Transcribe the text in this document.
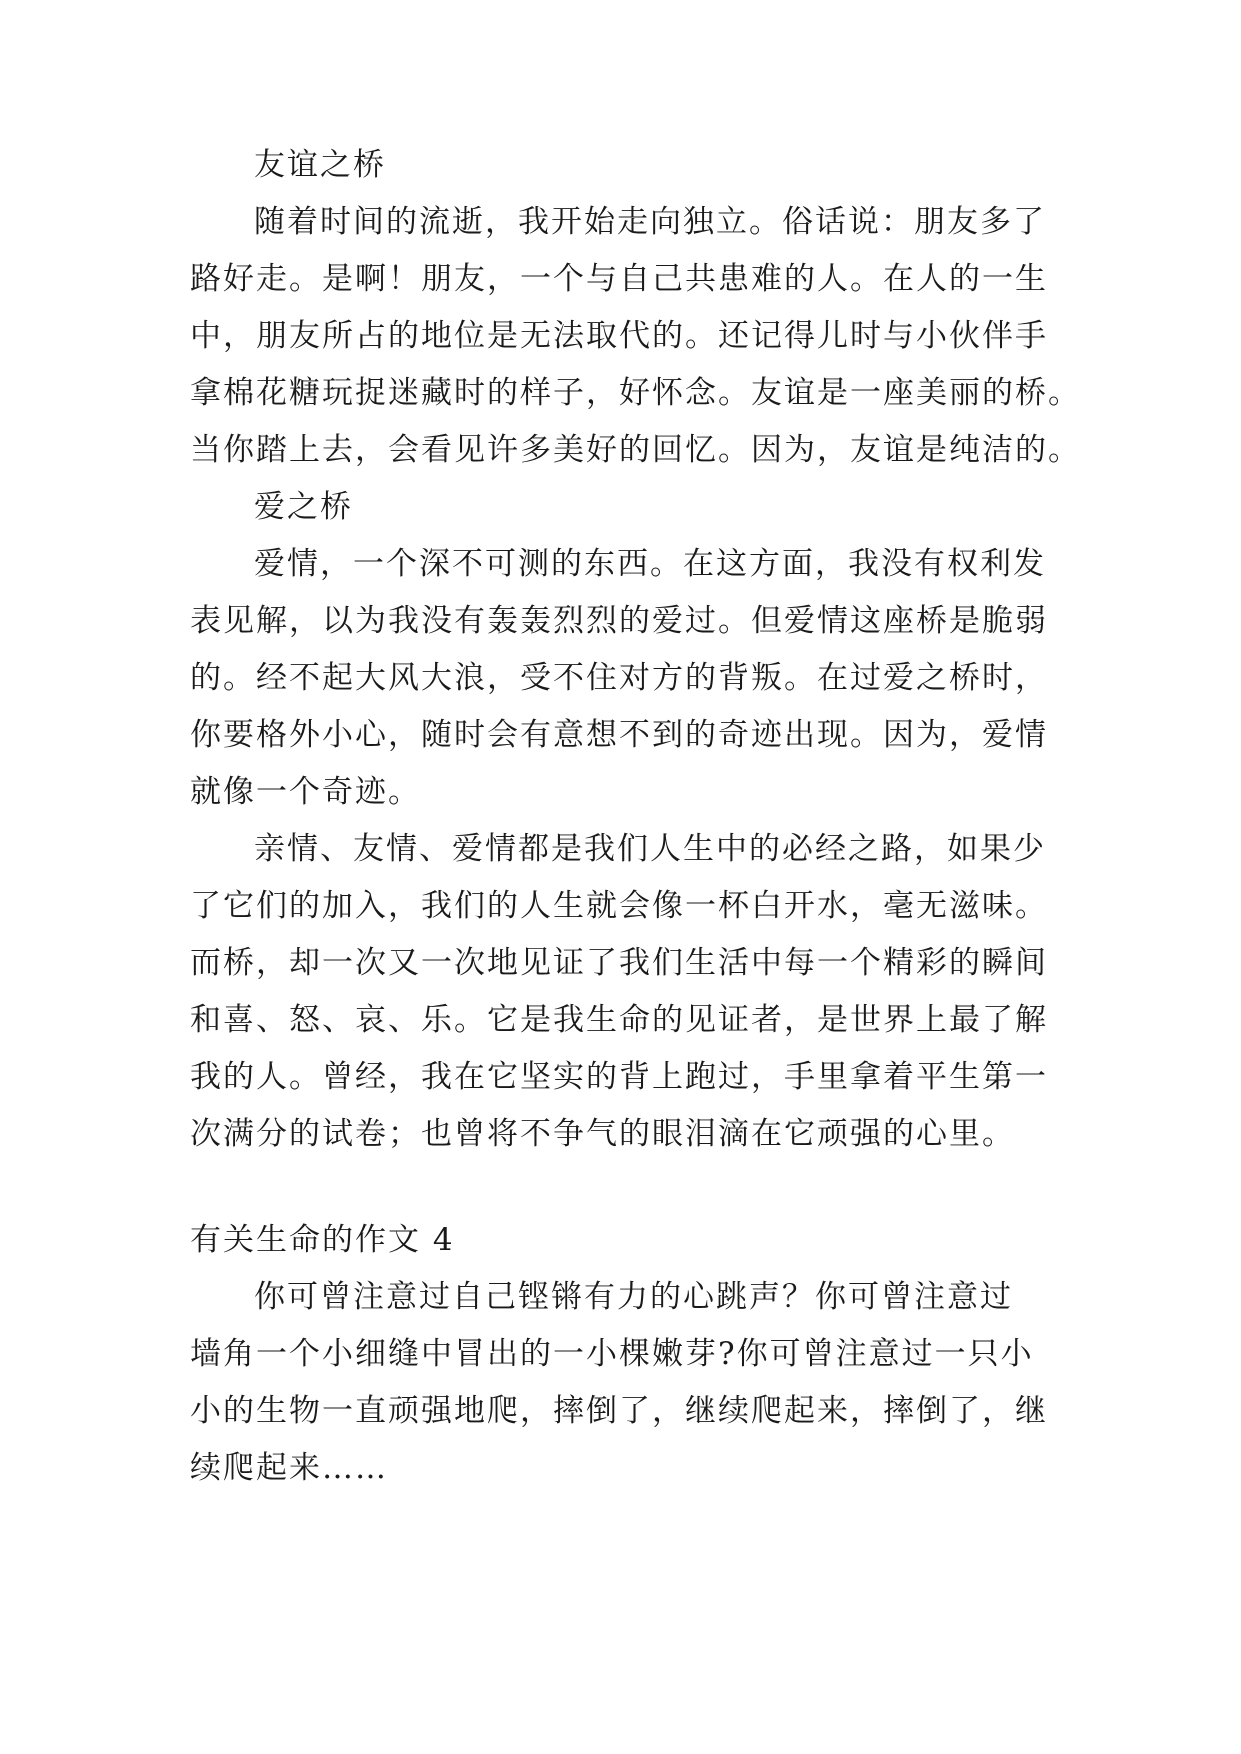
友谊之桥
随着时间的流逝，我开始走向独立。俗话说：朋友多了
路好走。是啊！朋友，一个与自己共患难的人。在人的一生
中，朋友所占的地位是无法取代的。还记得儿时与小伙伴手
拿棉花糖玩捉迷藏时的样子，好怀念。友谊是一座美丽的桥。
当你踏上去，会看见许多美好的回忆。因为，友谊是纯洁的。
爱之桥
爱情，一个深不可测的东西。在这方面，我没有权利发
表见解，以为我没有轰轰烈烈的爱过。但爱情这座桥是脆弱
的。经不起大风大浪，受不住对方的背叛。在过爱之桥时，
你要格外小心，随时会有意想不到的奇迹出现。因为，爱情
就像一个奇迹。
亲情、友情、爱情都是我们人生中的必经之路，如果少
了它们的加入，我们的人生就会像一杯白开水，毫无滋味。
而桥，却一次又一次地见证了我们生活中每一个精彩的瞬间
和喜、怒、哀、乐。它是我生命的见证者，是世界上最了解
我的人。曾经，我在它坚实的背上跑过，手里拿着平生第一
次满分的试卷；也曾将不争气的眼泪滴在它顽强的心里。
有关生命的作文 4
你可曾注意过自己铿锵有力的心跳声？你可曾注意过
墙角一个小细缝中冒出的一小棵嫩芽?你可曾注意过一只小
小的生物一直顽强地爬，摔倒了，继续爬起来，摔倒了，继
续爬起来……
